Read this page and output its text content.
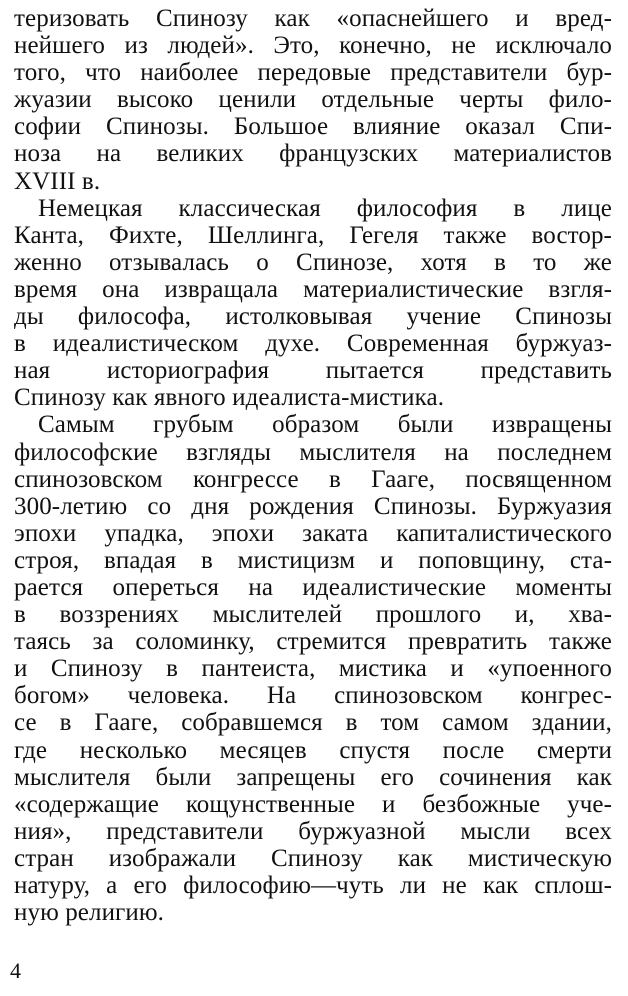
теризовать Спинозу как «опаснейшего и вред-
нейшего из людей». Это, конечно, не исключало
того, что наиболее передовые представители бур-
жуазии высоко ценили отдельные черты фило-
софии Спинозы. Большое влияние оказал Спи-
ноза на великих французских материалистов
XVIII в.
Немецкая классическая философия в лице
Канта, Фихте, Шеллинга, Гегеля также востор-
женно отзывалась о Спинозе, хотя в то же
время она извращала материалистические взгля-
ды философа, истолковывая учение Спинозы
в идеалистическом духе. Современная буржуаз-
ная историография пытается представить
Спинозу как явного идеалиста-мистика.
Самым грубым образом были извращены
философские взгляды мыслителя на последнем
спинозовском конгрессе в Гааге, посвященном
300-летию со дня рождения Спинозы. Буржуазия
эпохи упадка, эпохи заката капиталистического
строя, впадая в мистицизм и поповщину, ста-
рается опереться на идеалистические моменты
в воззрениях мыслителей прошлого и, хва-
таясь за соломинку, стремится превратить также
и Спинозу в пантеиста, мистика и «упоенного
богом» человека. На спинозовском конгрес-
се в Гааге, собравшемся в том самом здании,
где несколько месяцев спустя после смерти
мыслителя были запрещены его сочинения как
«содержащие кощунственные и безбожные уче-
ния», представители буржуазной мысли всех
стран изображали Спинозу как мистическую
натуру, а его философию—чуть ли не как сплош-
ную религию.
4
